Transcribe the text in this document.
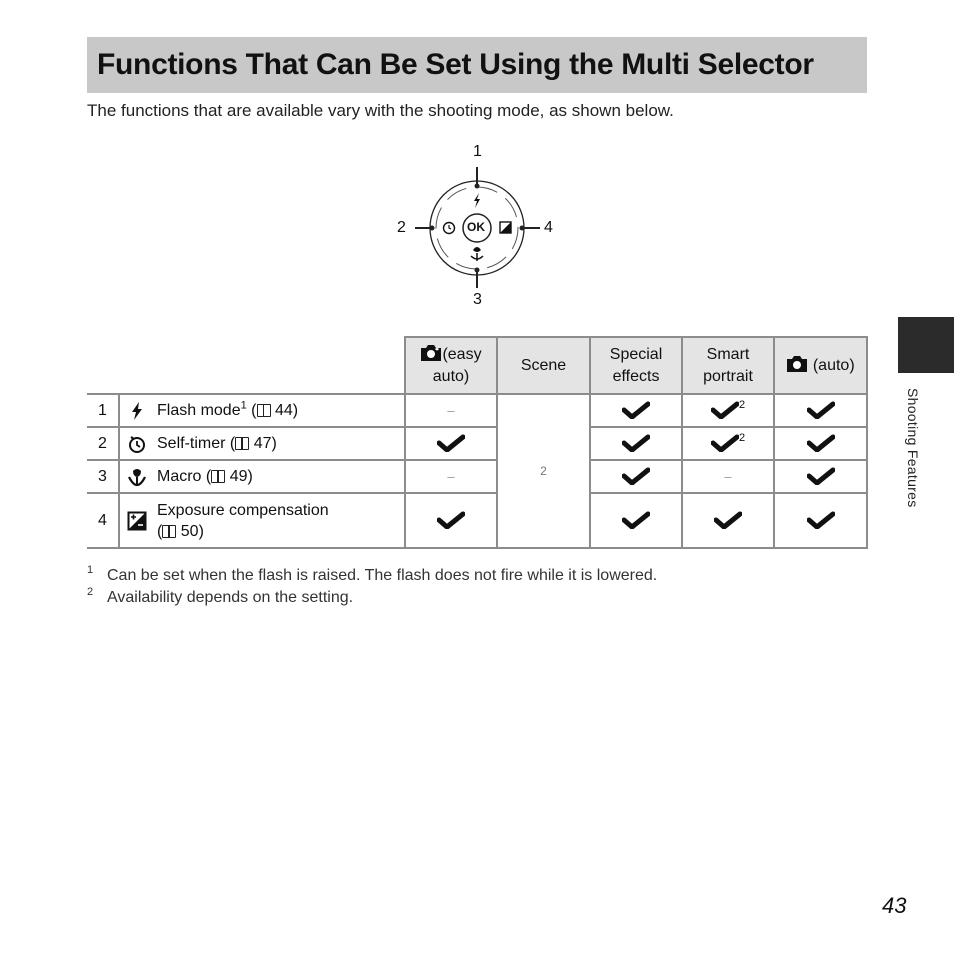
Functions That Can Be Set Using the Multi Selector
The functions that are available vary with the shooting mode, as shown below.
1
2
3
4
OK
			(easy auto)	Scene	Special effects	Smart portrait	(auto)
1		Flash mode$^1$ ( 44)	–	2		$^2$	
2		Self-timer ( 47)				$^2$	
3		Macro ( 49)	–			–	
4		Exposure compensation
( 50)				
1 Can be set when the flash is raised. The flash does not fire while it is lowered.
2 Availability depends on the setting.
Shooting Features
43
